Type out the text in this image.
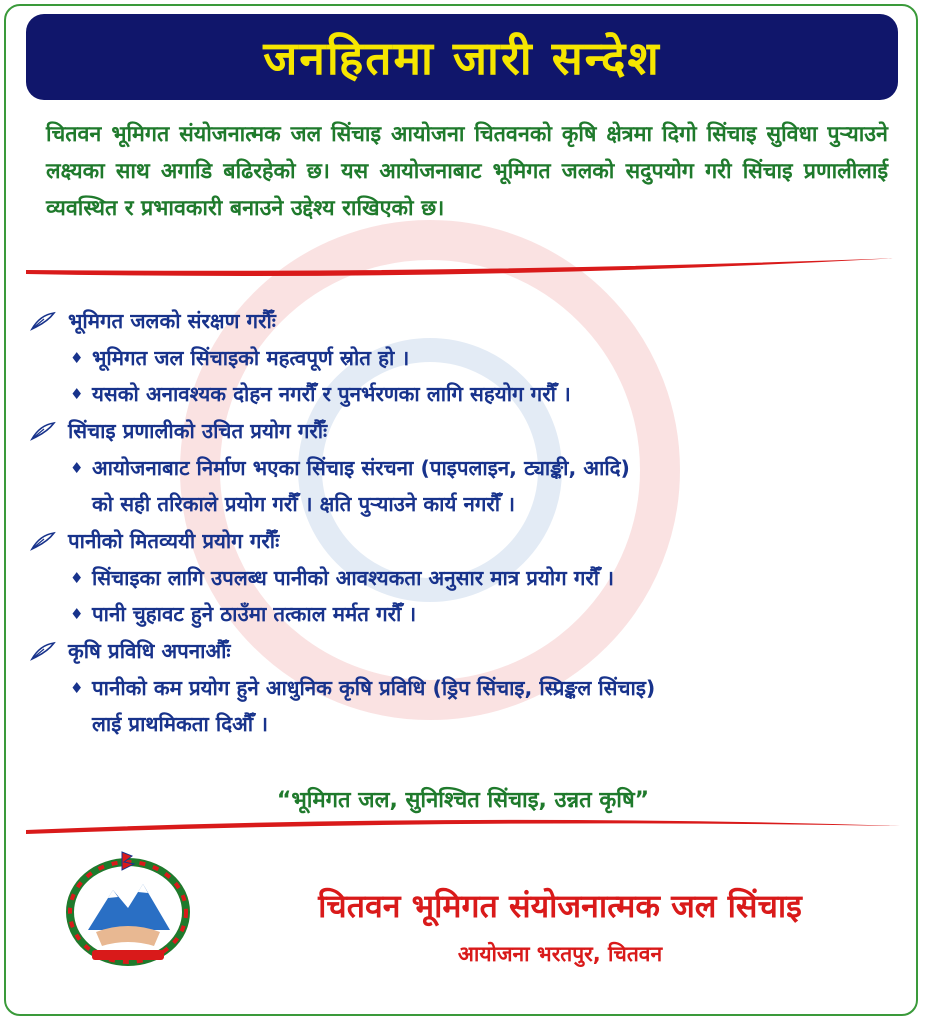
जनहितमा जारी सन्देश

चितवन भूमिगत संयोजनात्मक जल सिंचाइ आयोजना चितवनको कृषि क्षेत्रमा दिगो सिंचाइ सुविधा पुऱ्याउने लक्ष्यका साथ अगाडि बढिरहेको छ। यस आयोजनाबाट भूमिगत जलको सदुपयोग गरी सिंचाइ प्रणालीलाई व्यवस्थित र प्रभावकारी बनाउने उद्देश्य राखिएको छ।

भूमिगत जलको संरक्षण गरौँः
♦ भूमिगत जल सिंचाइको महत्वपूर्ण स्रोत हो ।
♦ यसको अनावश्यक दोहन नगरौँ र पुनर्भरणका लागि सहयोग गरौँ ।
सिंचाइ प्रणालीको उचित प्रयोग गरौँः
♦ आयोजनाबाट निर्माण भएका सिंचाइ संरचना (पाइपलाइन, ट्याङ्की, आदि)
को सही तरिकाले प्रयोग गरौँ । क्षति पुऱ्याउने कार्य नगरौँ ।
पानीको मितव्ययी प्रयोग गरौँः
♦ सिंचाइका लागि उपलब्ध पानीको आवश्यकता अनुसार मात्र प्रयोग गरौँ ।
♦ पानी चुहावट हुने ठाउँमा तत्काल मर्मत गरौँ ।
कृषि प्रविधि अपनाऔँः
♦ पानीको कम प्रयोग हुने आधुनिक कृषि प्रविधि (ड्रिप सिंचाइ, स्प्रिङ्कल सिंचाइ)
लाई प्राथमिकता दिऔँ ।
“भूमिगत जल, सुनिश्चित सिंचाइ, उन्नत कृषि”
चितवन भूमिगत संयोजनात्मक जल सिंचाइ
आयोजना भरतपुर, चितवन
